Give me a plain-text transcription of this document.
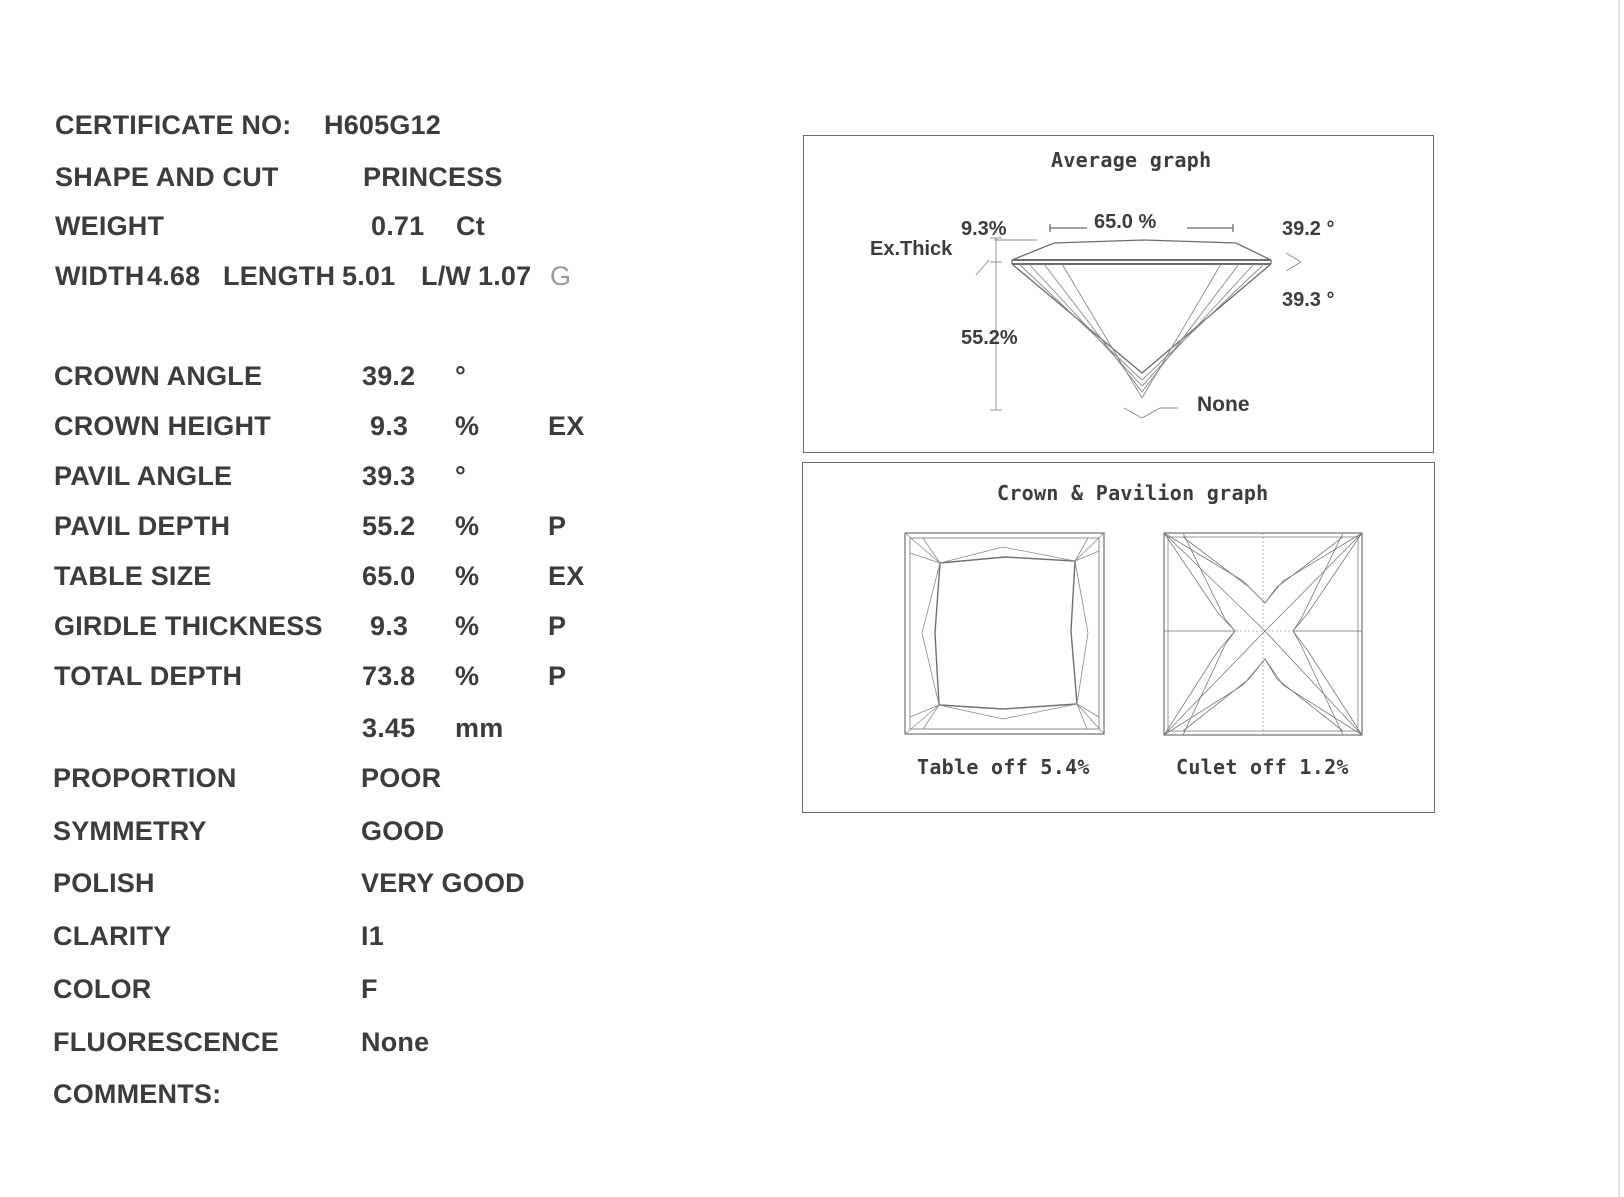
CERTIFICATE NO: H605G12
SHAPE AND CUT	PRINCESS
WEIGHT	0.71 Ct
WIDTH 4.68 LENGTH 5.01 L/W 1.07 G
CROWN ANGLE	39.2 °
CROWN HEIGHT	9.3 %	EX
PAVIL ANGLE	39.3 °
PAVIL DEPTH	55.2 %	P
TABLE SIZE	65.0 %	EX
GIRDLE THICKNESS 9.3 %	P
TOTAL DEPTH	73.8 %	P
3.45 mm
PROPORTION	POOR
SYMMETRY	GOOD
POLISH	VERY GOOD
CLARITY	I1
COLOR	F
FLUORESCENCE	None
COMMENTS:
Average graph
9.3%	65.0 %	39.2 °
Ex.Thick
39.3 °
55.2%
None
Crown & Pavilion graph
Table off 5.4%	Culet off 1.2%
